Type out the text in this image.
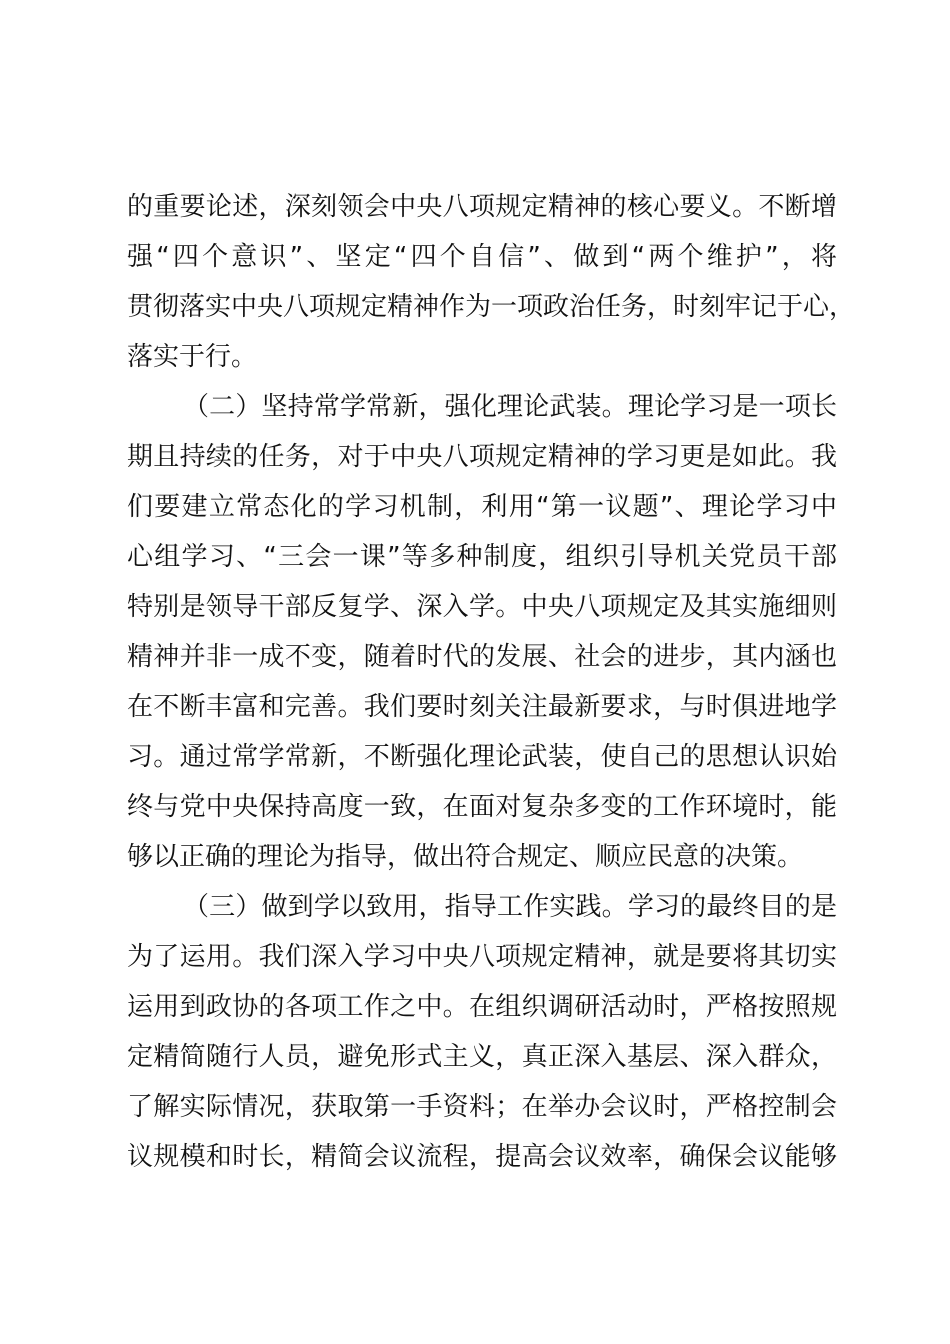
的重要论述，深刻领会中央八项规定精神的核心要义。不断增
强“四个意识”、坚定“四个自信”、做到“两个维护”，将
贯彻落实中央八项规定精神作为一项政治任务，时刻牢记于心，
落实于行。
（二）坚持常学常新，强化理论武装。理论学习是一项长
期且持续的任务，对于中央八项规定精神的学习更是如此。我
们要建立常态化的学习机制，利用“第一议题”、理论学习中
心组学习、“三会一课”等多种制度，组织引导机关党员干部
特别是领导干部反复学、深入学。中央八项规定及其实施细则
精神并非一成不变，随着时代的发展、社会的进步，其内涵也
在不断丰富和完善。我们要时刻关注最新要求，与时俱进地学
习。通过常学常新，不断强化理论武装，使自己的思想认识始
终与党中央保持高度一致，在面对复杂多变的工作环境时，能
够以正确的理论为指导，做出符合规定、顺应民意的决策。
（三）做到学以致用，指导工作实践。学习的最终目的是
为了运用。我们深入学习中央八项规定精神，就是要将其切实
运用到政协的各项工作之中。在组织调研活动时，严格按照规
定精简随行人员，避免形式主义，真正深入基层、深入群众，
了解实际情况，获取第一手资料；在举办会议时，严格控制会
议规模和时长，精简会议流程，提高会议效率，确保会议能够
